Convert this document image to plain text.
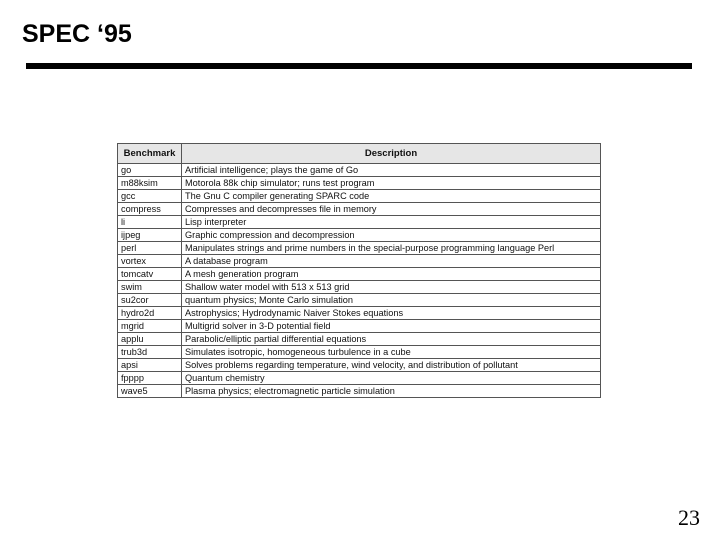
SPEC ‘95
Benchmark	Description
go	Artificial intelligence; plays the game of Go
m88ksim	Motorola 88k chip simulator; runs test program
gcc	The Gnu C compiler generating SPARC code
compress	Compresses and decompresses file in memory
li	Lisp interpreter
ijpeg	Graphic compression and decompression
perl	Manipulates strings and prime numbers in the special-purpose programming language Perl
vortex	A database program
tomcatv	A mesh generation program
swim	Shallow water model with 513 x 513 grid
su2cor	quantum physics; Monte Carlo simulation
hydro2d	Astrophysics; Hydrodynamic Naiver Stokes equations
mgrid	Multigrid solver in 3-D potential field
applu	Parabolic/elliptic partial differential equations
trub3d	Simulates isotropic, homogeneous turbulence in a cube
apsi	Solves problems regarding temperature, wind velocity, and distribution of pollutant
fpppp	Quantum chemistry
wave5	Plasma physics; electromagnetic particle simulation
23
